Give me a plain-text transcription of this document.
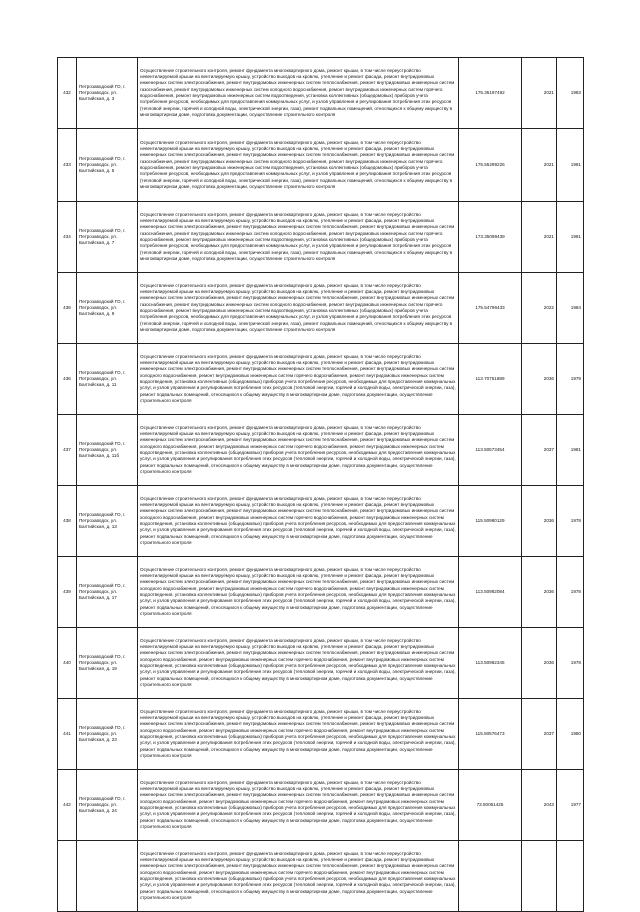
432	Петрозаводский ГО, г. Петрозаводск, ул. Балтийская, д. 3	Осуществление строительного контроля, ремонт фундамента многоквартирного дома, ремонт крыши, в том числе переустройство невентилируемой крыши на вентилируемую крышу, устройство выходов на кровлю, утепление и ремонт фасада, ремонт внутридомовых инженерных систем электроснабжения, ремонт внутридомовых инженерных систем теплоснабжения, ремонт внутридомовых инженерных систем газоснабжения, ремонт внутридомовых инженерных систем холодного водоснабжения, ремонт внутридомовых инженерных систем горячего водоснабжения, ремонт внутридомовых инженерных систем водоотведения, установка коллективных (общедомовых) приборов учета потребления ресурсов, необходимых для предоставления коммунальных услуг, и узлов управления и регулирования потребления этих ресурсов (тепловой энергии, горячей и холодной воды, электрической энергии, газа), ремонт подвальных помещений, относящихся к общему имуществу в многоквартирном доме, подготовка документации, осуществление строительного контроля	175.35197492	2021	1983
433	Петрозаводский ГО, г. Петрозаводск, ул. Балтийская, д. 5	Осуществление строительного контроля, ремонт фундамента многоквартирного дома, ремонт крыши, в том числе переустройство невентилируемой крыши на вентилируемую крышу, устройство выходов на кровлю, утепление и ремонт фасада, ремонт внутридомовых инженерных систем электроснабжения, ремонт внутридомовых инженерных систем теплоснабжения, ремонт внутридомовых инженерных систем газоснабжения, ремонт внутридомовых инженерных систем холодного водоснабжения, ремонт внутридомовых инженерных систем горячего водоснабжения, ремонт внутридомовых инженерных систем водоотведения, установка коллективных (общедомовых) приборов учета потребления ресурсов, необходимых для предоставления коммунальных услуг, и узлов управления и регулирования потребления этих ресурсов (тепловой энергии, горячей и холодной воды, электрической энергии, газа), ремонт подвальных помещений, относящихся к общему имуществу в многоквартирном доме, подготовка документации, осуществление строительного контроля	175.55299226	2021	1981
434	Петрозаводский ГО, г. Петрозаводск, ул. Балтийская, д. 7	Осуществление строительного контроля, ремонт фундамента многоквартирного дома, ремонт крыши, в том числе переустройство невентилируемой крыши на вентилируемую крышу, устройство выходов на кровлю, утепление и ремонт фасада, ремонт внутридомовых инженерных систем электроснабжения, ремонт внутридомовых инженерных систем теплоснабжения, ремонт внутридомовых инженерных систем газоснабжения, ремонт внутридомовых инженерных систем холодного водоснабжения, ремонт внутридомовых инженерных систем горячего водоснабжения, ремонт внутридомовых инженерных систем водоотведения, установка коллективных (общедомовых) приборов учета потребления ресурсов, необходимых для предоставления коммунальных услуг, и узлов управления и регулирования потребления этих ресурсов (тепловой энергии, горячей и холодной воды, электрической энергии, газа), ремонт подвальных помещений, относящихся к общему имуществу в многоквартирном доме, подготовка документации, осуществление строительного контроля	173.35099439	2021	1981
435	Петрозаводский ГО, г. Петрозаводск, ул. Балтийская, д. 9	Осуществление строительного контроля, ремонт фундамента многоквартирного дома, ремонт крыши, в том числе переустройство невентилируемой крыши на вентилируемую крышу, устройство выходов на кровлю, утепление и ремонт фасада, ремонт внутридомовых инженерных систем электроснабжения, ремонт внутридомовых инженерных систем теплоснабжения, ремонт внутридомовых инженерных систем газоснабжения, ремонт внутридомовых инженерных систем холодного водоснабжения, ремонт внутридомовых инженерных систем горячего водоснабжения, ремонт внутридомовых инженерных систем водоотведения, установка коллективных (общедомовых) приборов учета потребления ресурсов, необходимых для предоставления коммунальных услуг, и узлов управления и регулирования потребления этих ресурсов (тепловой энергии, горячей и холодной воды, электрической энергии, газа), ремонт подвальных помещений, относящихся к общему имуществу в многоквартирном доме, подготовка документации, осуществление строительного контроля	175.54796433	2022	1984
436	Петрозаводский ГО, г. Петрозаводск, ул. Балтийская, д. 11	Осуществление строительного контроля, ремонт фундамента многоквартирного дома, ремонт крыши, в том числе переустройство невентилируемой крыши на вентилируемую крышу, устройство выходов на кровлю, утепление и ремонт фасада, ремонт внутридомовых инженерных систем электроснабжения, ремонт внутридомовых инженерных систем теплоснабжения, ремонт внутридомовых инженерных систем холодного водоснабжения, ремонт внутридомовых инженерных систем горячего водоснабжения, ремонт внутридомовых инженерных систем водоотведения, установка коллективных (общедомовых) приборов учета потребления ресурсов, необходимых для предоставления коммунальных услуг, и узлов управления и регулирования потребления этих ресурсов (тепловой энергии, горячей и холодной воды, электрической энергии, газа), ремонт подвальных помещений, относящихся к общему имуществу в многоквартирном доме, подготовка документации, осуществление строительного контроля	113.70751889	2036	1979
437	Петрозаводский ГО, г. Петрозаводск, ул. Балтийская, д. 11б	Осуществление строительного контроля, ремонт фундамента многоквартирного дома, ремонт крыши, в том числе переустройство невентилируемой крыши на вентилируемую крышу, устройство выходов на кровлю, утепление и ремонт фасада, ремонт внутридомовых инженерных систем электроснабжения, ремонт внутридомовых инженерных систем теплоснабжения, ремонт внутридомовых инженерных систем холодного водоснабжения, ремонт внутридомовых инженерных систем горячего водоснабжения, ремонт внутридомовых инженерных систем водоотведения, установка коллективных (общедомовых) приборов учета потребления ресурсов, необходимых для предоставления коммунальных услуг, и узлов управления и регулирования потребления этих ресурсов (тепловой энергии, горячей и холодной воды, электрической энергии, газа), ремонт подвальных помещений, относящихся к общему имуществу в многоквартирном доме, подготовка документации, осуществление строительного контроля	113.50573454	2037	1981
438	Петрозаводский ГО, г. Петрозаводск, ул. Балтийская, д. 13	Осуществление строительного контроля, ремонт фундамента многоквартирного дома, ремонт крыши, в том числе переустройство невентилируемой крыши на вентилируемую крышу, устройство выходов на кровлю, утепление и ремонт фасада, ремонт внутридомовых инженерных систем электроснабжения, ремонт внутридомовых инженерных систем теплоснабжения, ремонт внутридомовых инженерных систем холодного водоснабжения, ремонт внутридомовых инженерных систем горячего водоснабжения, ремонт внутридомовых инженерных систем водоотведения, установка коллективных (общедомовых) приборов учета потребления ресурсов, необходимых для предоставления коммунальных услуг, и узлов управления и регулирования потребления этих ресурсов (тепловой энергии, горячей и холодной воды, электрической энергии, газа), ремонт подвальных помещений, относящихся к общему имуществу в многоквартирном доме, подготовка документации, осуществление строительного контроля	115.50980129	2036	1978
439	Петрозаводский ГО, г. Петрозаводск, ул. Балтийская, д. 17	Осуществление строительного контроля, ремонт фундамента многоквартирного дома, ремонт крыши, в том числе переустройство невентилируемой крыши на вентилируемую крышу, устройство выходов на кровлю, утепление и ремонт фасада, ремонт внутридомовых инженерных систем электроснабжения, ремонт внутридомовых инженерных систем теплоснабжения, ремонт внутридомовых инженерных систем холодного водоснабжения, ремонт внутридомовых инженерных систем горячего водоснабжения, ремонт внутридомовых инженерных систем водоотведения, установка коллективных (общедомовых) приборов учета потребления ресурсов, необходимых для предоставления коммунальных услуг, и узлов управления и регулирования потребления этих ресурсов (тепловой энергии, горячей и холодной воды, электрической энергии, газа), ремонт подвальных помещений, относящихся к общему имуществу в многоквартирном доме, подготовка документации, осуществление строительного контроля	113.50982084	2036	1978
440	Петрозаводский ГО, г. Петрозаводск, ул. Балтийская, д. 19	Осуществление строительного контроля, ремонт фундамента многоквартирного дома, ремонт крыши, в том числе переустройство невентилируемой крыши на вентилируемую крышу, устройство выходов на кровлю, утепление и ремонт фасада, ремонт внутридомовых инженерных систем электроснабжения, ремонт внутридомовых инженерных систем теплоснабжения, ремонт внутридомовых инженерных систем холодного водоснабжения, ремонт внутридомовых инженерных систем горячего водоснабжения, ремонт внутридомовых инженерных систем водоотведения, установка коллективных (общедомовых) приборов учета потребления ресурсов, необходимых для предоставления коммунальных услуг, и узлов управления и регулирования потребления этих ресурсов (тепловой энергии, горячей и холодной воды, электрической энергии, газа), ремонт подвальных помещений, относящихся к общему имуществу в многоквартирном доме, подготовка документации, осуществление строительного контроля	113.50982345	2036	1978
441	Петрозаводский ГО, г. Петрозаводск, ул. Балтийская, д. 23	Осуществление строительного контроля, ремонт фундамента многоквартирного дома, ремонт крыши, в том числе переустройство невентилируемой крыши на вентилируемую крышу, устройство выходов на кровлю, утепление и ремонт фасада, ремонт внутридомовых инженерных систем электроснабжения, ремонт внутридомовых инженерных систем теплоснабжения, ремонт внутридомовых инженерных систем холодного водоснабжения, ремонт внутридомовых инженерных систем горячего водоснабжения, ремонт внутридомовых инженерных систем водоотведения, установка коллективных (общедомовых) приборов учета потребления ресурсов, необходимых для предоставления коммунальных услуг, и узлов управления и регулирования потребления этих ресурсов (тепловой энергии, горячей и холодной воды, электрической энергии, газа), ремонт подвальных помещений, относящихся к общему имуществу в многоквартирном доме, подготовка документации, осуществление строительного контроля	115.50576473	2037	1980
442	Петрозаводский ГО, г. Петрозаводск, ул. Балтийская, д. 24	Осуществление строительного контроля, ремонт фундамента многоквартирного дома, ремонт крыши, в том числе переустройство невентилируемой крыши на вентилируемую крышу, устройство выходов на кровлю, утепление и ремонт фасада, ремонт внутридомовых инженерных систем электроснабжения, ремонт внутридомовых инженерных систем теплоснабжения, ремонт внутридомовых инженерных систем холодного водоснабжения, ремонт внутридомовых инженерных систем горячего водоснабжения, ремонт внутридомовых инженерных систем водоотведения, установка коллективных (общедомовых) приборов учета потребления ресурсов, необходимых для предоставления коммунальных услуг, и узлов управления и регулирования потребления этих ресурсов (тепловой энергии, горячей и холодной воды, электрической энергии, газа), ремонт подвальных помещений, относящихся к общему имуществу в многоквартирном доме, подготовка документации, осуществление строительного контроля	73.50061425	2043	1977
		Осуществление строительного контроля, ремонт фундамента многоквартирного дома, ремонт крыши, в том числе переустройство невентилируемой крыши на вентилируемую крышу, устройство выходов на кровлю, утепление и ремонт фасада, ремонт внутридомовых инженерных систем электроснабжения, ремонт внутридомовых инженерных систем теплоснабжения, ремонт внутридомовых инженерных систем холодного водоснабжения, ремонт внутридомовых инженерных систем горячего водоснабжения, ремонт внутридомовых инженерных систем водоотведения, установка коллективных (общедомовых) приборов учета потребления ресурсов, необходимых для предоставления коммунальных услуг, и узлов управления и регулирования потребления этих ресурсов (тепловой энергии, горячей и холодной воды, электрической энергии, газа), ремонт подвальных помещений, относящихся к общему имуществу в многоквартирном доме, подготовка документации, осуществление строительного контроля			
